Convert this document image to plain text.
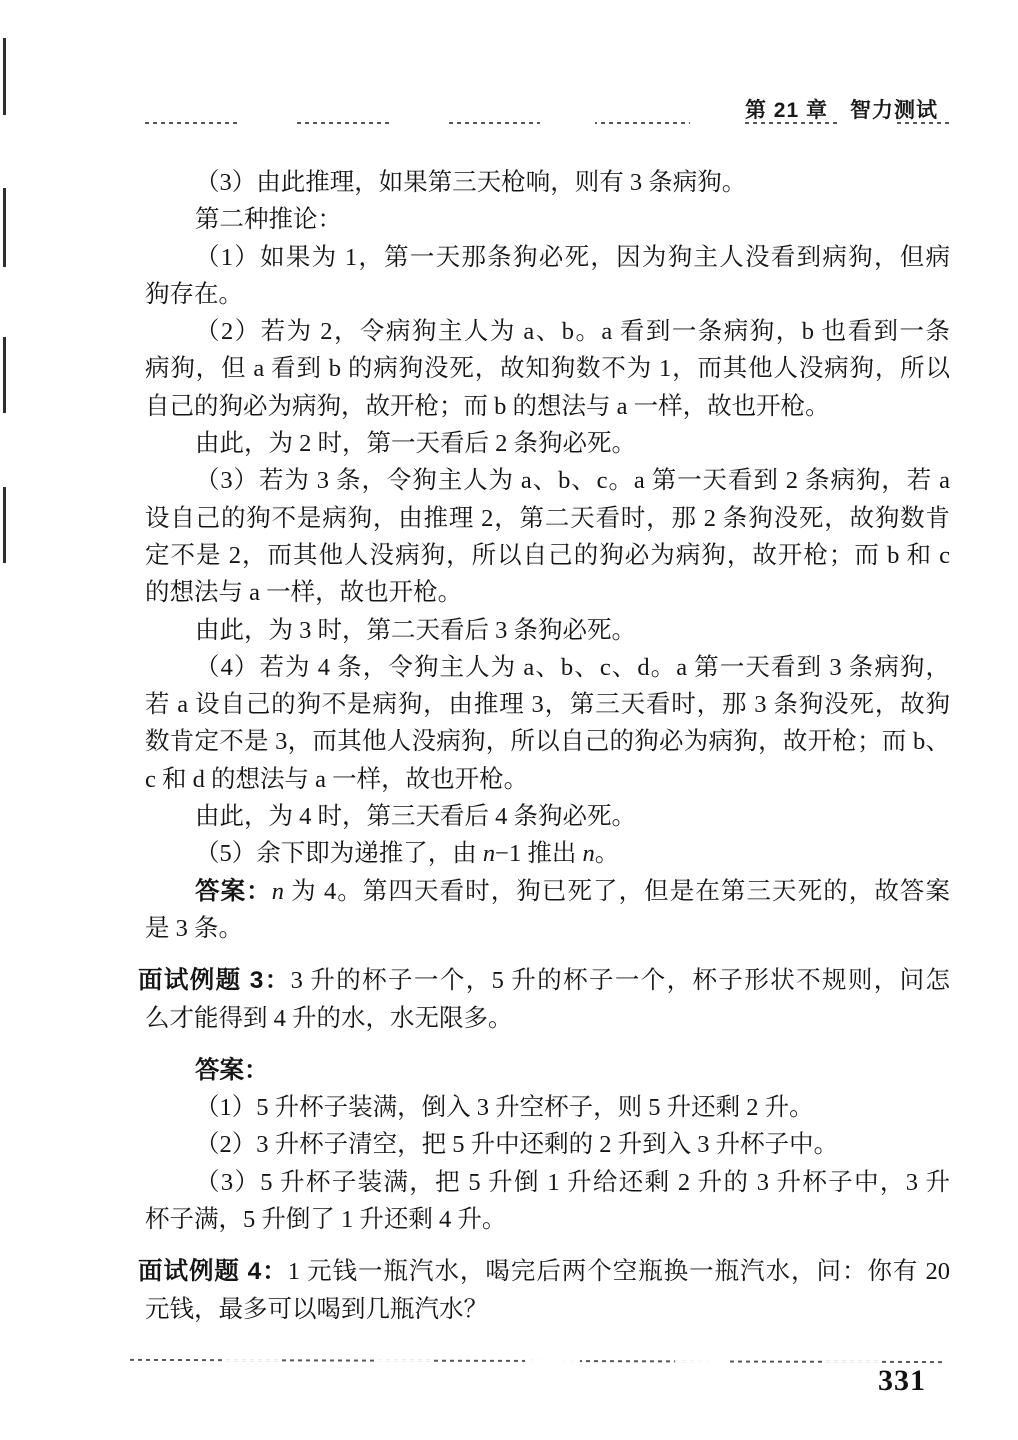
第 21 章　智力测试
（3）由此推理，如果第三天枪响，则有 3 条病狗。
第二种推论：
（1）如果为 1，第一天那条狗必死，因为狗主人没看到病狗，但病
狗存在。
（2）若为 2，令病狗主人为 a、b。a 看到一条病狗，b 也看到一条
病狗，但 a 看到 b 的病狗没死，故知狗数不为 1，而其他人没病狗，所以
自己的狗必为病狗，故开枪；而 b 的想法与 a 一样，故也开枪。
由此，为 2 时，第一天看后 2 条狗必死。
（3）若为 3 条，令狗主人为 a、b、c。a 第一天看到 2 条病狗，若 a
设自己的狗不是病狗，由推理 2，第二天看时，那 2 条狗没死，故狗数肯
定不是 2，而其他人没病狗，所以自己的狗必为病狗，故开枪；而 b 和 c
的想法与 a 一样，故也开枪。
由此，为 3 时，第二天看后 3 条狗必死。
（4）若为 4 条，令狗主人为 a、b、c、d。a 第一天看到 3 条病狗，
若 a 设自己的狗不是病狗，由推理 3，第三天看时，那 3 条狗没死，故狗
数肯定不是 3，而其他人没病狗，所以自己的狗必为病狗，故开枪；而 b、
c 和 d 的想法与 a 一样，故也开枪。
由此，为 4 时，第三天看后 4 条狗必死。
（5）余下即为递推了，由 n−1 推出 n。
答案：n 为 4。第四天看时，狗已死了，但是在第三天死的，故答案
是 3 条。
面试例题 3：3 升的杯子一个，5 升的杯子一个，杯子形状不规则，问怎
么才能得到 4 升的水，水无限多。
答案：
（1）5 升杯子装满，倒入 3 升空杯子，则 5 升还剩 2 升。
（2）3 升杯子清空，把 5 升中还剩的 2 升到入 3 升杯子中。
（3）5 升杯子装满，把 5 升倒 1 升给还剩 2 升的 3 升杯子中，3 升
杯子满，5 升倒了 1 升还剩 4 升。
面试例题 4：1 元钱一瓶汽水，喝完后两个空瓶换一瓶汽水，问：你有 20
元钱，最多可以喝到几瓶汽水？
331
